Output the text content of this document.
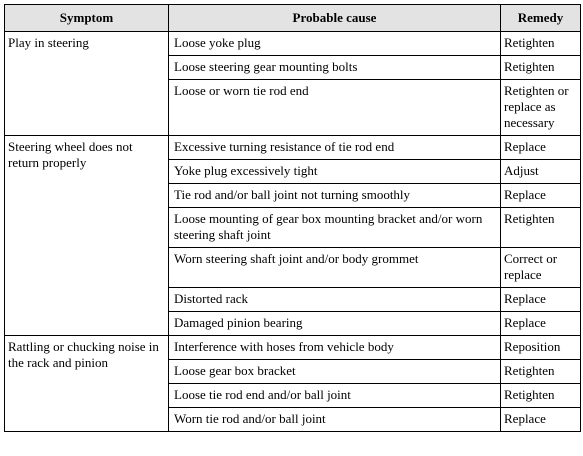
Symptom	Probable cause	Remedy
Play in steering	Loose yoke plug	Retighten
	Loose steering gear mounting bolts	Retighten
	Loose or worn tie rod end	Retighten or replace as necessary
Steering wheel does not return properly	Excessive turning resistance of tie rod end	Replace
	Yoke plug excessively tight	Adjust
	Tie rod and/or ball joint not turning smoothly	Replace
	Loose mounting of gear box mounting bracket and/or worn steering shaft joint	Retighten
	Worn steering shaft joint and/or body grommet	Correct or replace
	Distorted rack	Replace
	Damaged pinion bearing	Replace
Rattling or chucking noise in the rack and pinion	Interference with hoses from vehicle body	Reposition
	Loose gear box bracket	Retighten
	Loose tie rod end and/or ball joint	Retighten
	Worn tie rod and/or ball joint	Replace
